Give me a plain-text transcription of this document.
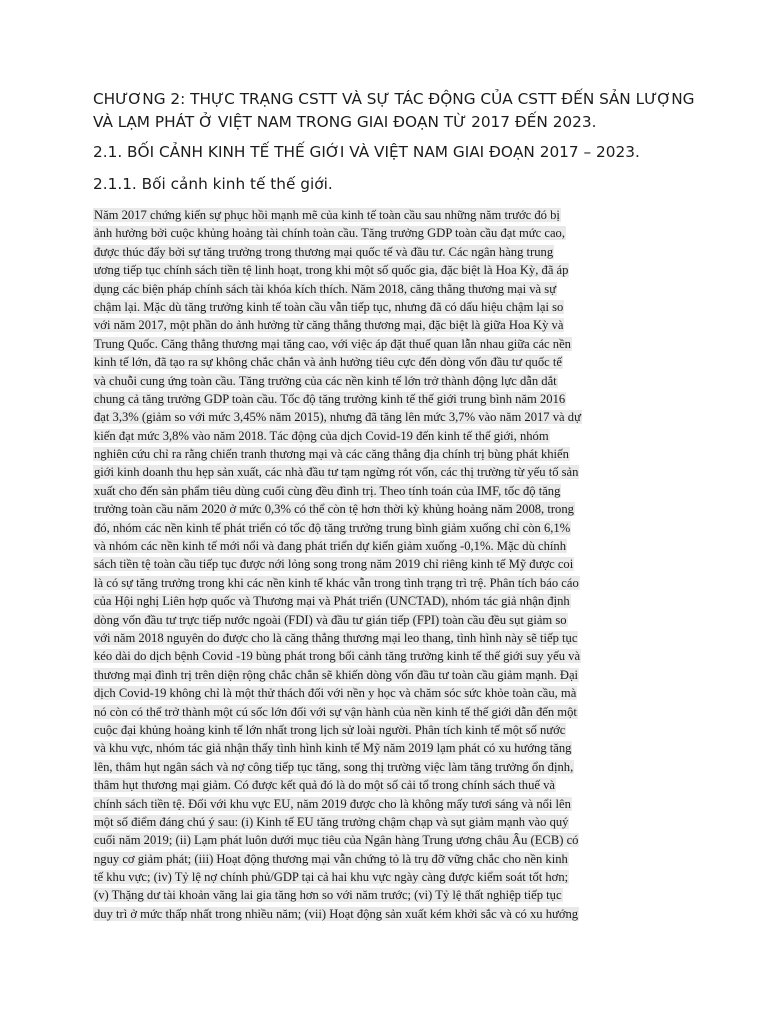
CHƯƠNG 2: THỰC TRẠNG CSTT VÀ SỰ TÁC ĐỘNG CỦA CSTT ĐẾN SẢN LƯỢNG VÀ LẠM PHÁT Ở VIỆT NAM TRONG GIAI ĐOẠN TỪ 2017 ĐẾN 2023.
2.1. BỐI CẢNH KINH TẾ THẾ GIỚI VÀ VIỆT NAM GIAI ĐOẠN 2017 – 2023.
2.1.1. Bối cảnh kinh tế thế giới.
Năm 2017 chứng kiến sự phục hồi mạnh mẽ của kinh tế toàn cầu sau những năm trước đó bị
ảnh hưởng bởi cuộc khủng hoảng tài chính toàn cầu. Tăng trưởng GDP toàn cầu đạt mức cao,
được thúc đẩy bởi sự tăng trưởng trong thương mại quốc tế và đầu tư. Các ngân hàng trung
ương tiếp tục chính sách tiền tệ linh hoạt, trong khi một số quốc gia, đặc biệt là Hoa Kỳ, đã áp
dụng các biện pháp chính sách tài khóa kích thích. Năm 2018, căng thẳng thương mại và sự
chậm lại. Mặc dù tăng trưởng kinh tế toàn cầu vẫn tiếp tục, nhưng đã có dấu hiệu chậm lại so
với năm 2017, một phần do ảnh hưởng từ căng thẳng thương mại, đặc biệt là giữa Hoa Kỳ và
Trung Quốc. Căng thẳng thương mại tăng cao, với việc áp đặt thuế quan lẫn nhau giữa các nền
kinh tế lớn, đã tạo ra sự không chắc chắn và ảnh hưởng tiêu cực đến dòng vốn đầu tư quốc tế
và chuỗi cung ứng toàn cầu. Tăng trưởng của các nền kinh tế lớn trở thành động lực dẫn dắt
chung cả tăng trưởng GDP toàn cầu. Tốc độ tăng trưởng kinh tế thế giới trung bình năm 2016
đạt 3,3% (giảm so với mức 3,45% năm 2015), nhưng đã tăng lên mức 3,7% vào năm 2017 và dự
kiến đạt mức 3,8% vào năm 2018. Tác động của dịch Covid-19 đến kinh tế thế giới, nhóm
nghiên cứu chỉ ra rằng chiến tranh thương mại và các căng thẳng địa chính trị bùng phát khiến
giới kinh doanh thu hẹp sản xuất, các nhà đầu tư tạm ngừng rót vốn, các thị trường từ yếu tố sản
xuất cho đến sản phẩm tiêu dùng cuối cùng đều đình trị. Theo tính toán của IMF, tốc độ tăng
trưởng toàn cầu năm 2020 ở mức 0,3% có thể còn tệ hơn thời kỳ khủng hoảng năm 2008, trong
đó, nhóm các nền kinh tế phát triển có tốc độ tăng trưởng trung bình giảm xuống chỉ còn 6,1%
và nhóm các nền kinh tế mới nổi và đang phát triển dự kiến giảm xuống -0,1%. Mặc dù chính
sách tiền tệ toàn cầu tiếp tục được nới lỏng song trong năm 2019 chỉ riêng kinh tế Mỹ được coi
là có sự tăng trưởng trong khi các nền kinh tế khác vẫn trong tình trạng trì trệ. Phân tích báo cáo
của Hội nghị Liên hợp quốc và Thương mại và Phát triển (UNCTAD), nhóm tác giả nhận định
dòng vốn đầu tư trực tiếp nước ngoài (FDI) và đầu tư gián tiếp (FPI) toàn cầu đều sụt giảm so
với năm 2018 nguyên do được cho là căng thẳng thương mại leo thang, tình hình này sẽ tiếp tục
kéo dài do dịch bệnh Covid -19 bùng phát trong bối cảnh tăng trưởng kinh tế thế giới suy yếu và
thương mại đình trị trên diện rộng chắc chắn sẽ khiến dòng vốn đầu tư toàn cầu giảm mạnh. Đại
dịch Covid-19 không chỉ là một thử thách đối với nền y học và chăm sóc sức khỏe toàn cầu, mà
nó còn có thể trở thành một cú sốc lớn đối với sự vận hành của nền kinh tế thế giới dẫn đến một
cuộc đại khủng hoảng kinh tế lớn nhất trong lịch sử loài người. Phân tích kinh tế một số nước
và khu vực, nhóm tác giả nhận thấy tình hình kinh tế Mỹ năm 2019 lạm phát có xu hướng tăng
lên, thâm hụt ngân sách và nợ công tiếp tục tăng, song thị trường việc làm tăng trưởng ổn định,
thâm hụt thương mại giảm. Có được kết quả đó là do một số cải tổ trong chính sách thuế và
chính sách tiền tệ. Đối với khu vực EU, năm 2019 được cho là không mấy tươi sáng và nổi lên
một số điểm đáng chú ý sau: (i) Kinh tế EU tăng trưởng chậm chạp và sụt giảm mạnh vào quý
cuối năm 2019; (ii) Lạm phát luôn dưới mục tiêu của Ngân hàng Trung ương châu Âu (ECB) có
nguy cơ giảm phát; (iii) Hoạt động thương mại vẫn chứng tỏ là trụ đỡ vững chắc cho nền kinh
tế khu vực; (iv) Tỷ lệ nợ chính phủ/GDP tại cả hai khu vực ngày càng được kiểm soát tốt hơn;
(v) Thặng dư tài khoản vãng lai gia tăng hơn so với năm trước; (vi) Tỷ lệ thất nghiệp tiếp tục
duy trì ở mức thấp nhất trong nhiều năm; (vii) Hoạt động sản xuất kém khởi sắc và có xu hướng
